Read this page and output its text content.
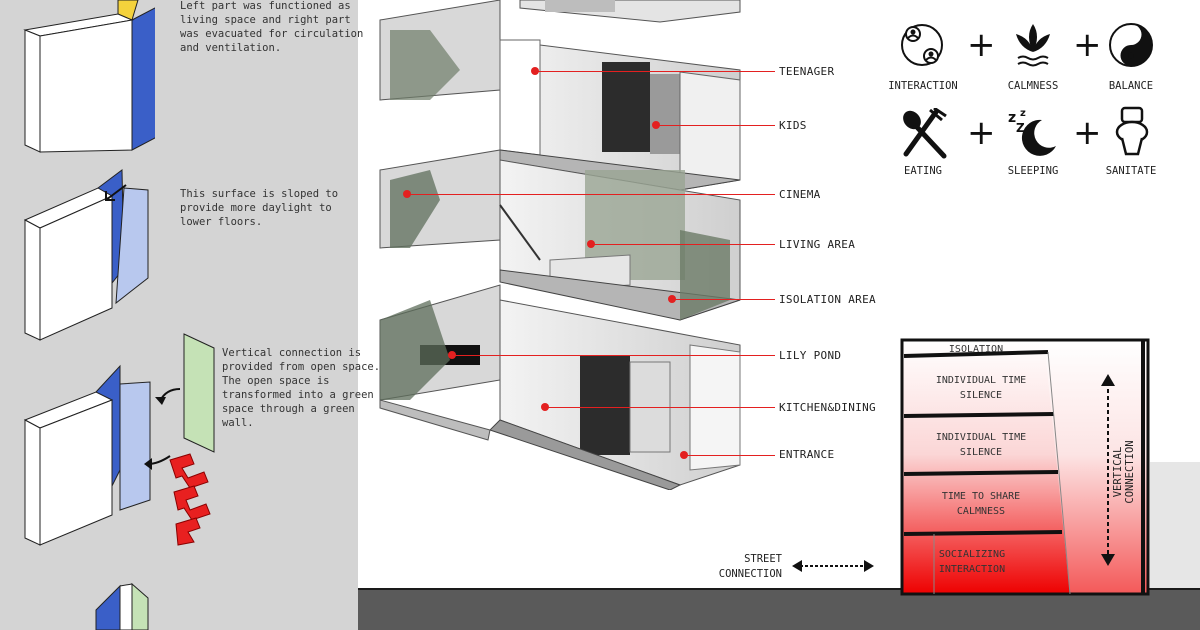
Left part was functioned as
living space and right part
was evacuated for circulation
and ventilation.
This surface is sloped to
provide more daylight to
lower floors.
Vertical connection is
provided from open space.
The open space is
transformed into a green
space through a green
wall.
TEENAGER
KIDS
CINEMA
LIVING AREA
ISOLATION AREA
LILY POND
KITCHEN&DINING
ENTRANCE
+ +
INTERACTION	CALMNESS	BALANCE
+ z
Z
z +
EATING	SLEEPING	SANITATE
ISOLATION
INDIVIDUAL TIME
SILENCE
INDIVIDUAL TIME
SILENCE
TIME TO SHARE
CALMNESS
SOCIALIZING
INTERACTION
VERTICAL CONNECTION
STREET
CONNECTION
